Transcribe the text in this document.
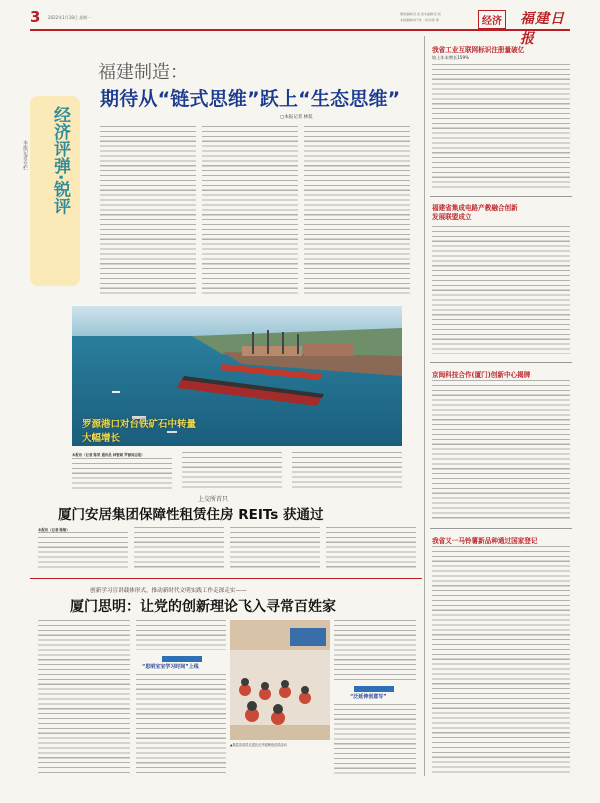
3 2022年1月18日 星期一
要闻编辑/吴 昊 美术编辑/吴 杨
本版编辑/林子屹 · 校对/徐 倩	经济 福建日报
经济评弹·锐评
本报记者专栏
福建制造：
期待从“链式思维”跃上“生态思维”
□本报记者 林侃
罗源港口对台铁矿石中转量
大幅增长
本报讯（记者 陈荣 通讯员 林智斌 罗源同志报）
上交所首只
厦门安居集团保障性租赁住房 REITs 获通过
本报讯（记者 陈敏）
创新学习宣讲载体形式，推动新时代文明实践工作走深走实——
厦门思明：让党的创新理论飞入寻常百姓家
“思明宝宝学习时间”上线
▲基层宣讲员走进社区开展理论宣讲活动
“泛延伸创意写”
我省工业互联网标识注册量破亿
较上年末增长159%
福建省集成电路产教融合创新发展联盟成立
京闽科技合作(厦门)创新中心揭牌
我省又一马铃薯新品种通过国家登记
